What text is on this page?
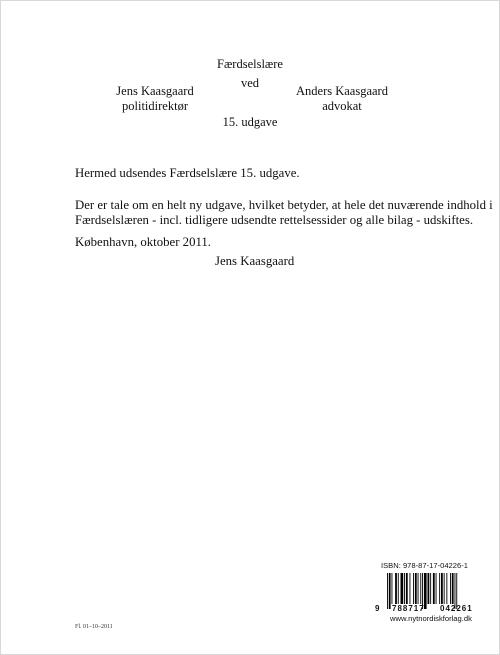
Færdselslære
ved
Jens Kaasgaard
politidirektør
Anders Kaasgaard
advokat
15. udgave
Hermed udsendes Færdselslære 15. udgave.
Der er tale om en helt ny udgave, hvilket betyder, at hele det nuværende indhold i
Færdselslæren - incl. tidligere udsendte rettelsessider og alle bilag - udskiftes.
København, oktober 2011.
Jens Kaasgaard
ISBN: 978-87-17-04226-1
9 788717 042261
www.nytnordiskforlag.dk
Fl. 01–10–2011
